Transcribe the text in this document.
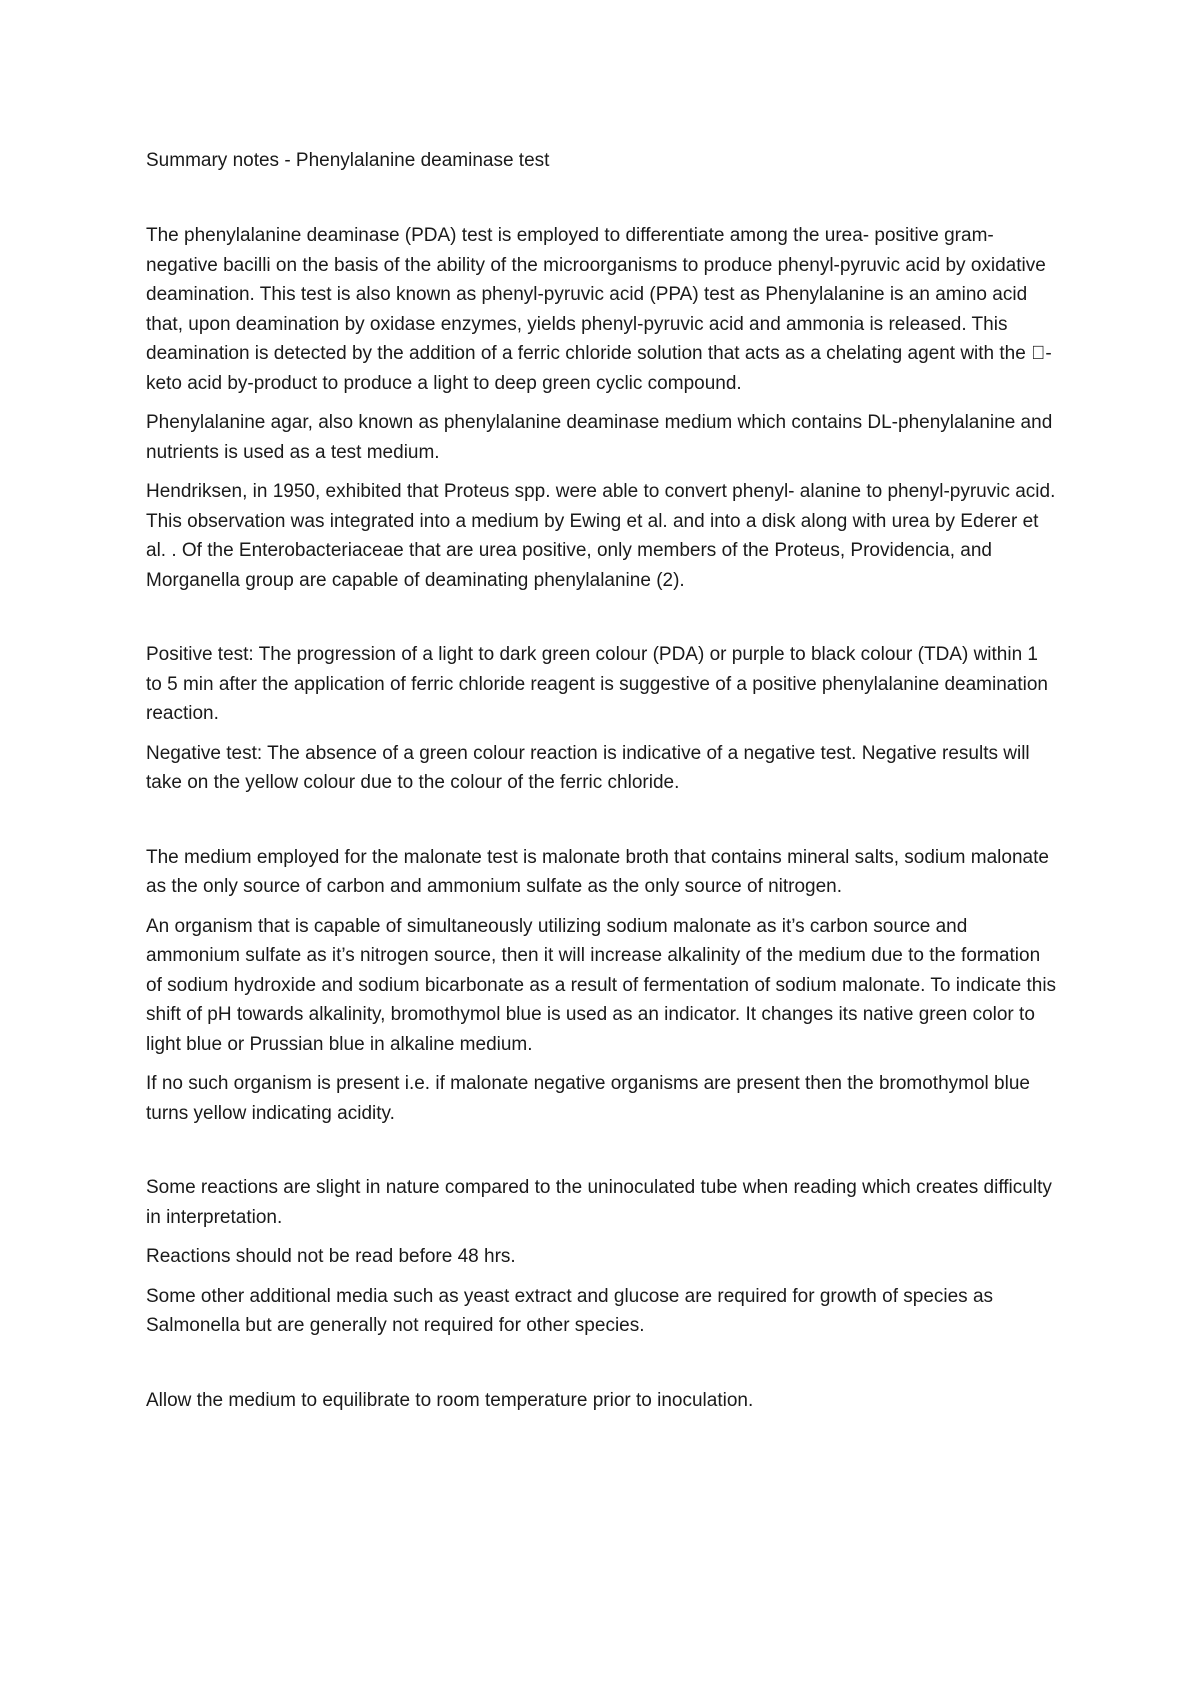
Summary notes - Phenylalanine deaminase test

The phenylalanine deaminase (PDA) test is employed to differentiate among the urea- positive gram-negative bacilli on the basis of the ability of the microorganisms to produce phenyl-pyruvic acid by oxidative deamination. This test is also known as phenyl-pyruvic acid (PPA) test as Phenylalanine is an amino acid that, upon deamination by oxidase enzymes, yields phenyl-pyruvic acid and ammonia is released. This deamination is detected by the addition of a ferric chloride solution that acts as a chelating agent with the  -keto acid by-product to produce a light to deep green cyclic compound.

Phenylalanine agar, also known as phenylalanine deaminase medium which contains DL-phenylalanine and nutrients is used as a test medium.

Hendriksen, in 1950, exhibited that Proteus spp. were able to convert phenyl- alanine to phenyl-pyruvic acid. This observation was integrated into a medium by Ewing et al. and into a disk along with urea by Ederer et al. . Of the Enterobacteriaceae that are urea positive, only members of the Proteus, Providencia, and Morganella group are capable of deaminating phenylalanine (2).

Positive test: The progression of a light to dark green colour (PDA) or purple to black colour (TDA) within 1 to 5 min after the application of ferric chloride reagent is suggestive of a positive phenylalanine deamination reaction.

Negative test: The absence of a green colour reaction is indicative of a negative test. Negative results will take on the yellow colour due to the colour of the ferric chloride.

The medium employed for the malonate test is malonate broth that contains mineral salts, sodium malonate as the only source of carbon and ammonium sulfate as the only source of nitrogen.

An organism that is capable of simultaneously utilizing sodium malonate as it’s carbon source and ammonium sulfate as it’s nitrogen source, then it will increase alkalinity of the medium due to the formation of sodium hydroxide and sodium bicarbonate as a result of fermentation of sodium malonate. To indicate this shift of pH towards alkalinity, bromothymol blue is used as an indicator. It changes its native green color to light blue or Prussian blue in alkaline medium.

If no such organism is present i.e. if malonate negative organisms are present then the bromothymol blue turns yellow indicating acidity.

Some reactions are slight in nature compared to the uninoculated tube when reading which creates difficulty in interpretation.

Reactions should not be read before 48 hrs.

Some other additional media such as yeast extract and glucose are required for growth of species as Salmonella but are generally not required for other species.

Allow the medium to equilibrate to room temperature prior to inoculation.
